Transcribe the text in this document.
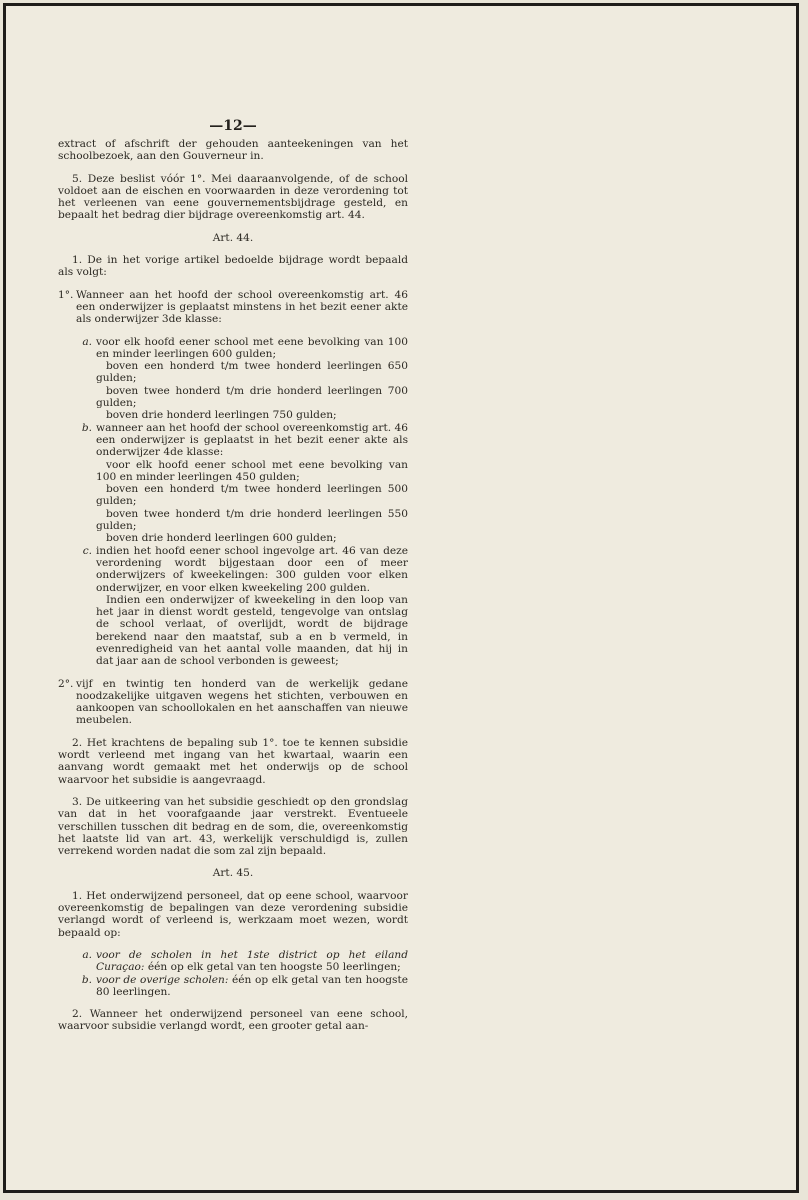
—12—

extract of afschrift der gehouden aanteekeningen van het schoolbezoek, aan den Gouverneur in.

5. Deze beslist vóór 1°. Mei daaraanvolgende, of de school voldoet aan de eischen en voorwaarden in deze verordening tot het verleenen van eene gouvernementsbijdrage gesteld, en bepaalt het bedrag dier bijdrage overeenkomstig art. 44.

Art. 44.

1. De in het vorige artikel bedoelde bijdrage wordt bepaald als volgt:

1°. Wanneer aan het hoofd der school overeenkomstig art. 46 een onderwijzer is geplaatst minstens in het bezit eener akte als onderwijzer 3de klasse:
a. voor elk hoofd eener school met eene bevolking van 100 en minder leerlingen 600 gulden;

boven een honderd t/m twee honderd leerlingen 650 gulden;

boven twee honderd t/m drie honderd leerlingen 700 gulden;

boven drie honderd leerlingen 750 gulden;

b. wanneer aan het hoofd der school overeenkomstig art. 46 een onderwijzer is geplaatst in het bezit eener akte als onderwijzer 4de klasse:

voor elk hoofd eener school met eene bevolking van 100 en minder leerlingen 450 gulden;

boven een honderd t/m twee honderd leerlingen 500 gulden;

boven twee honderd t/m drie honderd leerlingen 550 gulden;

boven drie honderd leerlingen 600 gulden;

c. indien het hoofd eener school ingevolge art. 46 van deze verordening wordt bijgestaan door een of meer onderwijzers of kweekelingen: 300 gulden voor elken onderwijzer, en voor elken kweekeling 200 gulden.

Indien een onderwijzer of kweekeling in den loop van het jaar in dienst wordt gesteld, tengevolge van ontslag de school verlaat, of overlijdt, wordt de bijdrage berekend naar den maatstaf, sub a en b vermeld, in evenredigheid van het aantal volle maanden, dat hij in dat jaar aan de school verbonden is geweest;

2°. vijf en twintig ten honderd van de werkelijk gedane noodzakelijke uitgaven wegens het stichten, verbouwen en aankoopen van schoollokalen en het aanschaffen van nieuwe meubelen.

2. Het krachtens de bepaling sub 1°. toe te kennen subsidie wordt verleend met ingang van het kwartaal, waarin een aanvang wordt gemaakt met het onderwijs op de school waarvoor het subsidie is aangevraagd.

3. De uitkeering van het subsidie geschiedt op den grondslag van dat in het voorafgaande jaar verstrekt. Eventueele verschillen tusschen dit bedrag en de som, die, overeenkomstig het laatste lid van art. 43, werkelijk verschuldigd is, zullen verrekend worden nadat die som zal zijn bepaald.

Art. 45.

1. Het onderwijzend personeel, dat op eene school, waarvoor overeenkomstig de bepalingen van deze verordening subsidie verlangd wordt of verleend is, werkzaam moet wezen, wordt bepaald op:

a. voor de scholen in het 1ste district op het eiland Curaçao: één op elk getal van ten hoogste 50 leerlingen;

b. voor de overige scholen: één op elk getal van ten hoogste 80 leerlingen.

2. Wanneer het onderwijzend personeel van eene school, waarvoor subsidie verlangd wordt, een grooter getal aan-
